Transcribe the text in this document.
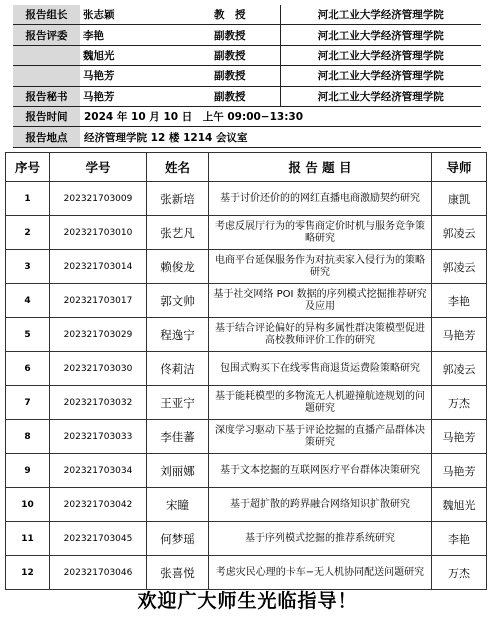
报告组长	张志颖	教　授	河北工业大学经济管理学院
报告评委	李艳	副教授	河北工业大学经济管理学院
	魏旭光	副教授	河北工业大学经济管理学院
	马艳芳	副教授	河北工业大学经济管理学院
报告秘书	马艳芳	副教授	河北工业大学经济管理学院
报告时间	2024 年 10 月 10 日　上午 09:00−13:30		
报告地点	经济管理学院 12 楼 1214 会议室		
序号	学号	姓名	报 告 题 目	导师
1	202321703009	张新培	基于讨价还价的的网红直播电商激励契约研究	康凯
2	202321703010	张艺凡	考虑反展厅行为的零售商定价时机与服务竞争策略研究	郭凌云
3	202321703014	赖俊龙	电商平台延保服务作为对抗卖家入侵行为的策略研究	郭凌云
4	202321703017	郭文帅	基于社交网络 POI 数据的序列模式挖掘推荐研究及应用	李艳
5	202321703029	程逸宁	基于结合评论偏好的异构多属性群决策模型促进高校教师评价工作的研究	马艳芳
6	202321703030	佟莉洁	包围式购买下在线零售商退货运费险策略研究	郭凌云
7	202321703032	王亚宁	基于能耗模型的多物流无人机避撞航迹规划的问题研究	万杰
8	202321703033	李佳蕃	深度学习驱动下基于评论挖掘的直播产品群体决策研究	马艳芳
9	202321703034	刘丽娜	基于文本挖掘的互联网医疗平台群体决策研究	马艳芳
10	202321703042	宋瞳	基于超扩散的跨界融合网络知识扩散研究	魏旭光
11	202321703045	何梦瑶	基于序列模式挖掘的推荐系统研究	李艳
12	202321703046	张喜悦	考虑灾民心理的卡车−无人机协同配送问题研究	万杰
欢迎广大师生光临指导！
